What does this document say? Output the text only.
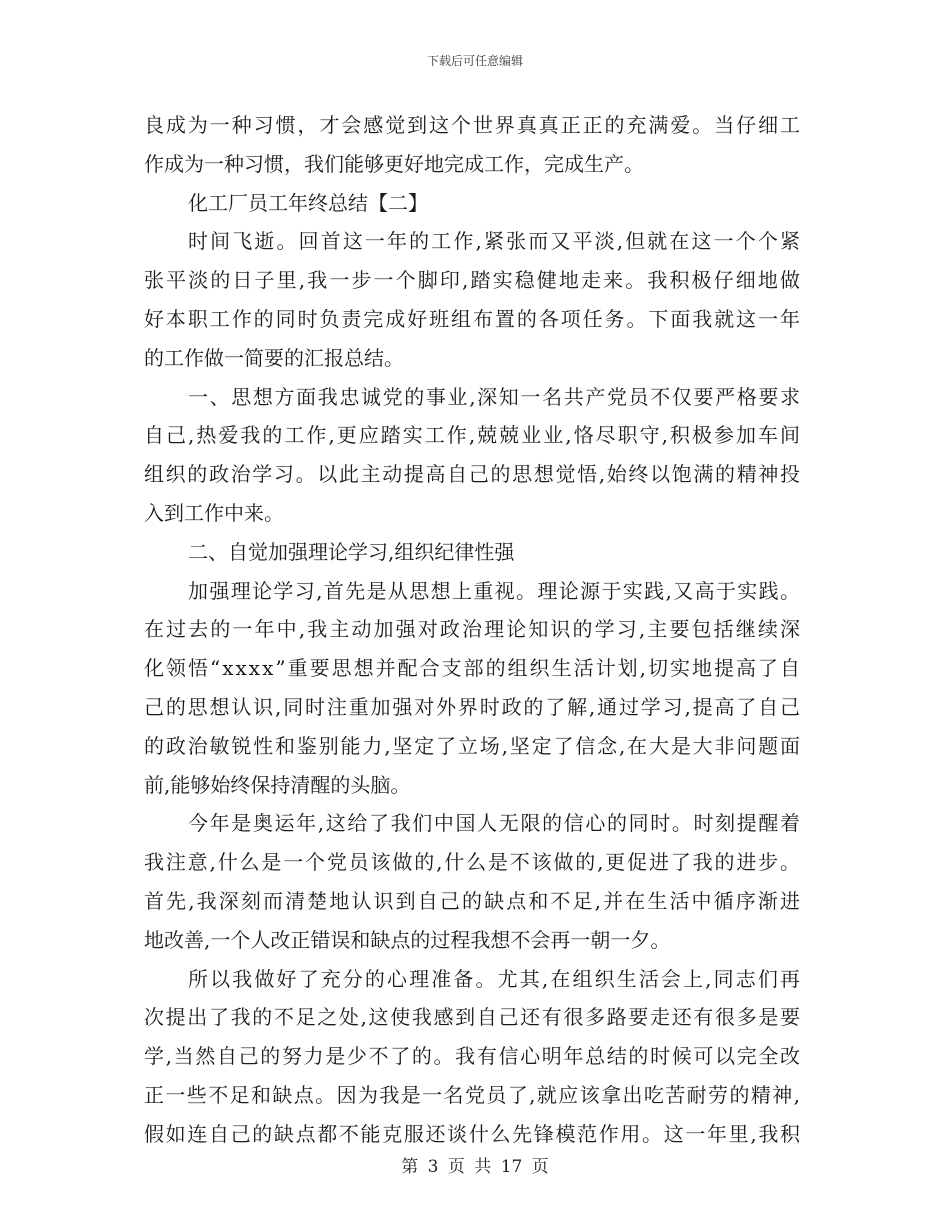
下载后可任意编辑
良成为一种习惯，才会感觉到这个世界真真正正的充满爱。当仔细工
作成为一种习惯，我们能够更好地完成工作，完成生产。
化工厂员工年终总结【二】
时间飞逝。回首这一年的工作,紧张而又平淡,但就在这一个个紧
张平淡的日子里,我一步一个脚印,踏实稳健地走来。我积极仔细地做
好本职工作的同时负责完成好班组布置的各项任务。下面我就这一年
的工作做一简要的汇报总结。
一、思想方面我忠诚党的事业,深知一名共产党员不仅要严格要求
自己,热爱我的工作,更应踏实工作,兢兢业业,恪尽职守,积极参加车间
组织的政治学习。以此主动提高自己的思想觉悟,始终以饱满的精神投
入到工作中来。
二、自觉加强理论学习,组织纪律性强
加强理论学习,首先是从思想上重视。理论源于实践,又高于实践。
在过去的一年中,我主动加强对政治理论知识的学习,主要包括继续深
化领悟“xxxx”重要思想并配合支部的组织生活计划,切实地提高了自
己的思想认识,同时注重加强对外界时政的了解,通过学习,提高了自己
的政治敏锐性和鉴别能力,坚定了立场,坚定了信念,在大是大非问题面
前,能够始终保持清醒的头脑。
今年是奥运年,这给了我们中国人无限的信心的同时。时刻提醒着
我注意,什么是一个党员该做的,什么是不该做的,更促进了我的进步。
首先,我深刻而清楚地认识到自己的缺点和不足,并在生活中循序渐进
地改善,一个人改正错误和缺点的过程我想不会再一朝一夕。
所以我做好了充分的心理准备。尤其,在组织生活会上,同志们再
次提出了我的不足之处,这使我感到自己还有很多路要走还有很多是要
学,当然自己的努力是少不了的。我有信心明年总结的时候可以完全改
正一些不足和缺点。因为我是一名党员了,就应该拿出吃苦耐劳的精神,
假如连自己的缺点都不能克服还谈什么先锋模范作用。这一年里,我积
第 3 页 共 17 页
